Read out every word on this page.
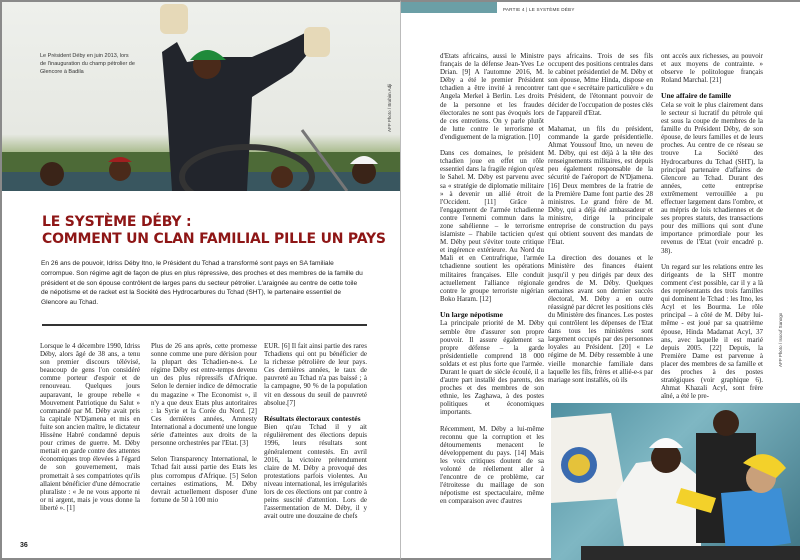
Le Président Déby en juin 2013, lors de l'inauguration du champ pétrolier de Glencore à Badila
AFP Photo / Brahim Adji
LE SYSTÈME DÉBY :
COMMENT UN CLAN FAMILIAL PILLE UN PAYS
En 26 ans de pouvoir, Idriss Déby Itno, le Président du Tchad a transformé sont pays en SA familiale corrompue. Son régime agit de façon de plus en plus répressive, des proches et des membres de la famille du président et de son épouse contrôlent de larges pans du secteur pétrolier. L'araignée au centre de cette toile de népotisme et de racket est la Société des Hydrocarbures du Tchad (SHT), le partenaire essentiel de Glencore au Tchad.

Lorsque le 4 décembre 1990, Idriss Déby, alors âgé de 38 ans, a tenu son premier discours télévisé, beaucoup de gens l'on considéré comme porteur d'espoir et de renouveau. Quelques jours auparavant, le groupe rebelle « Mouvement Patriotique du Salut » commandé par M. Déby avait pris la capitale N'Djamena et mis en fuite son ancien maître, le dictateur Hissène Habré condamné depuis pour crimes de guerre. M. Déby mettait en garde contre des attentes économiques trop élevées à l'égard de son gouvernement, mais promettait à ses compatriotes qu'ils allaient bénéficier d'une démocratie pluraliste : « Je ne vous apporte ni or ni argent, mais je vous donne la liberté ». [1]

Plus de 26 ans après, cette promesse sonne comme une pure dérision pour la plupart des Tchadien-ne-s. Le régime Déby est entre-temps devenu un des plus répressifs d'Afrique. Selon le dernier indice de démocratie du magazine « The Economist », il n'y a que deux Etats plus autoritaires : la Syrie et la Corée du Nord. [2] Ces dernières années, Amnesty International a documenté une longue série d'atteintes aux droits de la personne orchestrées par l'Etat. [3]

Selon Transparency International, le Tchad fait aussi partie des Etats les plus corrompus d'Afrique. [5] Selon certaines estimations, M. Déby devrait actuellement disposer d'une fortune de 50 à 100 mio

EUR. [6] Il fait ainsi partie des rares Tchadiens qui ont pu bénéficier de la richesse pétrolière de leur pays. Ces dernières années, le taux de pauvreté au Tchad n'a pas baissé ; à la campagne, 90 % de la population vit en dessous du seuil de pauvreté absolue.[7]

Résultats électoraux contestés

Bien qu'au Tchad il y ait régulièrement des élections depuis 1996, leurs résultats sont généralement contestés. En avril 2016, la victoire prétendument claire de M. Déby a provoqué des protestations parfois violentes. Au niveau international, les irrégularités lors de ces élections ont par contre à peins suscité d'attention. Lors de l'assermentation de M. Déby, il y avait outre une douzaine de chefs

36
PARTIE 4 | LE SYSTÈME DÉBY

d'Etats africains, aussi le Ministre français de la défense Jean-Yves Le Drian. [9] A l'automne 2016, M. Déby a été le premier Président tchadien a être invité à rencontrer Angela Merkel à Berlin. Les droits de la personne et les fraudes électorales ne sont pas évoqués lors de ces entretiens. On y parle plutôt de lutte contre le terrorisme et d'endiguement de la migration. [10]

Dans ces domaines, le président tchadien joue en effet un rôle essentiel dans la fragile région qu'est le Sahel. M. Déby est parvenu avec sa « stratégie de diplomatie militaire » à devenir un allié étroit de l'Occident. [11] Grâce à l'engagement de l'armée tchadienne contre l'ennemi commun dans la zone sahélienne – le terrorisme islamiste – l'habile tacticien qu'est M. Déby peut s'éviter toute critique et ingérence extérieure. Au Nord du Mali et en Centrafrique, l'armée tchadienne soutient les opérations militaires françaises. Elle conduit actuellement l'alliance régionale contre le groupe terroriste nigérian Boko Haram. [12]

Un large népotisme

La principale priorité de M. Déby semble être d'assurer son propre pouvoir. Il assure également sa propre défense – la garde présidentielle comprend 18 000 soldats et est plus forte que l'armée. Durant le quart de siècle écoulé, il a d'autre part installé des parents, des proches et des membres de son ethnie, les Zaghawa, à des postes politiques et économiques importants.

Récemment, M. Déby a lui-même reconnu que la corruption et les détournements menacent le développement du pays. [14] Mais les voix critiques doutent de sa volonté de réellement aller à l'encontre de ce problème, car l'étroitesse du maillage de son népotisme est spectaculaire, même en comparaison avec d'autres

pays africains. Trois de ses fils occupent des positions centrales dans le cabinet présidentiel de M. Déby et son épouse, Mme Hinda, dispose en tant que « secrétaire particulière » du Président, de l'étonnant pouvoir de décider de l'occupation de postes clés de l'appareil d'Etat.

Mahamat, un fils du président, commande la garde présidentielle. Ahmat Youssouf Itno, un neveu de M. Déby, qui est déjà à la tête des renseignements militaires, est depuis peu également responsable de la sécurité de l'aéroport de N'Djamena. [16] Deux membres de la fratrie de la Première Dame font partie des 28 ministres. Le grand frère de M. Déby, qui a déjà été ambassadeur et ministre, dirige la principale entreprise de construction du pays qui obtient souvent des mandats de l'Etat.

La direction des douanes et le Ministère des finances étaient jusqu'il y peu dirigés par deux des gendres de M. Déby. Quelques semaines avant son dernier succès électoral, M. Déby a en outre réassigné par décret les positions clés du Ministère des finances. Les postes qui contrôlent les dépenses de l'Etat dans tous les ministères sont largement occupés par des personnes loyales au Président. [20] « Le régime de M. Déby ressemble à une vieille monarchie familiale dans laquelle les fils, frères et allié-e-s par mariage sont installés, où ils

ont accès aux richesses, au pouvoir et aux moyens de contrainte. » observe le politologue français Roland Marchal. [21]

Une affaire de famille

Cela se voit le plus clairement dans le secteur si lucratif du pétrole qui est sous la coupe de membres de la famille du Président Déby, de son épouse, de leurs familles et de leurs proches. Au centre de ce réseau se trouve La Société des Hydrocarbures du Tchad (SHT), la principal partenaire d'affaires de Glencore au Tchad. Durant des années, cette entreprise extrêmement verrouillée a pu effectuer largement dans l'ombre, et au mépris de lois tchadiennes et de ses propres statuts, des transactions pour des millions qui sont d'une importance primordiale pour les revenus de l'Etat (voir encadré p. 38).

Un regard sur les relations entre les dirigeants de la SHT montre comment c'est possible, car il y a là des représentants des trois familles qui dominent le Tchad : les Itno, les Acyl et les Bourma. Le rôle principal – à côté de M. Déby lui-même - est joué par sa quatrième épouse, Hinda Madamat Acyl, 37 ans, avec laquelle il est marié depuis 2005. [22] Depuis, la Première Dame est parvenue à placer des membres de sa famille et des proches à des postes stratégiques (voir graphique 6). Ahmat Khazali Acyl, sont frère aîné, a été le pre-

AFP Photo / Issouf Sanogo
